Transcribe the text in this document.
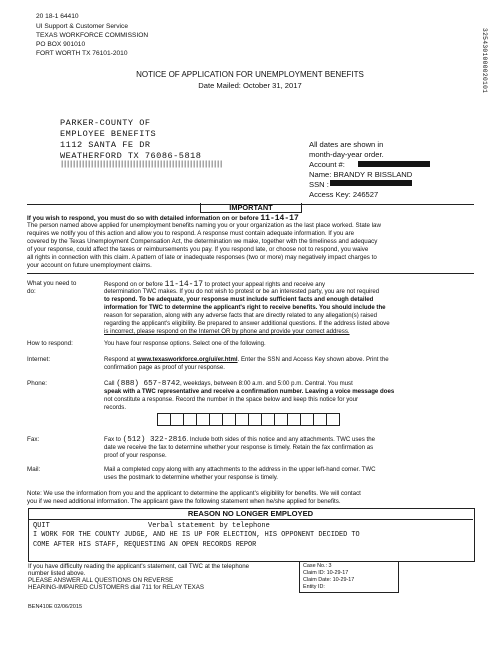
20 18-1 64410
UI Support & Customer Service
TEXAS WORKFORCE COMMISSION
PO BOX 901010
FORT WORTH TX 76101-2010	3254301000020101
NOTICE OF APPLICATION FOR UNEMPLOYMENT BENEFITS
Date Mailed: October 31, 2017
PARKER-COUNTY OF
EMPLOYEE BENEFITS
1112 SANTA FE DR
WEATHERFORD TX 76086-5818
||||||||||||||||||||||||||||||||||||||||||||||||||||||
All dates are shown in
month-day-year order.
Account #:
Name: BRANDY R BISSLAND
SSN :
Access Key: 246527
IMPORTANT
If you wish to respond, you must do so with detailed information on or before 11-14-17
The person named above applied for unemployment benefits naming you or your organization as the last place worked. State law
requires we notify you of this action and allow you to respond. A response must contain adequate information. If you are
covered by the Texas Unemployment Compensation Act, the determination we make, together with the timeliness and adequacy
of your response, could affect the taxes or reimbursements you pay. If you respond late, or choose not to respond, you waive
all rights in connection with this claim. A pattern of late or inadequate responses (two or more) may negatively impact charges to
your account on future unemployment claims.
What you need to
do:
Respond on or before 11-14-17 to protect your appeal rights and receive any
determination TWC makes. If you do not wish to protest or be an interested party, you are not required
to respond. To be adequate, your response must include sufficient facts and enough detailed
information for TWC to determine the applicant's right to receive benefits. You should include the
reason for separation, along with any adverse facts that are directly related to any allegation(s) raised
regarding the applicant's eligibility. Be prepared to answer additional questions. If the address listed above
is incorrect, please respond on the Internet OR by phone and provide your correct address.
How to respond:	You have four response options. Select one of the following.
Internet:	Respond at www.texasworkforce.org/ui/er.html. Enter the SSN and Access Key shown above. Print the
confirmation page as proof of your response.
Phone:	Call (888) 657-8742, weekdays, between 8:00 a.m. and 5:00 p.m. Central. You must
speak with a TWC representative and receive a confirmation number. Leaving a voice message does
not constitute a response. Record the number in the space below and keep this notice for your
records.

Fax:	Fax to (512) 322-2816. Include both sides of this notice and any attachments. TWC uses the
date we receive the fax to determine whether your response is timely. Retain the fax confirmation as
proof of your response.
Mail:	Mail a completed copy along with any attachments to the address in the upper left-hand corner. TWC
uses the postmark to determine whether your response is timely.
Note: We use the information from you and the applicant to determine the applicant's eligibility for benefits. We will contact
you if we need additional information. The applicant gave the following statement when he/she applied for benefits.
REASON NO LONGER EMPLOYED
QUIT	Verbal statement by telephone
I WORK FOR THE COUNTY JUDGE, AND HE IS UP FOR ELECTION, HIS OPPONENT DECIDED TO
COME AFTER HIS STAFF, REQUESTING AN OPEN RECORDS REPOR
If you have difficulty reading the applicant's statement, call TWC at the telephone
number listed above.
PLEASE ANSWER ALL QUESTIONS ON REVERSE
HEARING-IMPAIRED CUSTOMERS dial 711 for RELAY TEXAS
Case No.: 3
Claim ID: 10-29-17
Claim Date: 10-29-17
Entity ID:
BEN410E 02/06/2015
